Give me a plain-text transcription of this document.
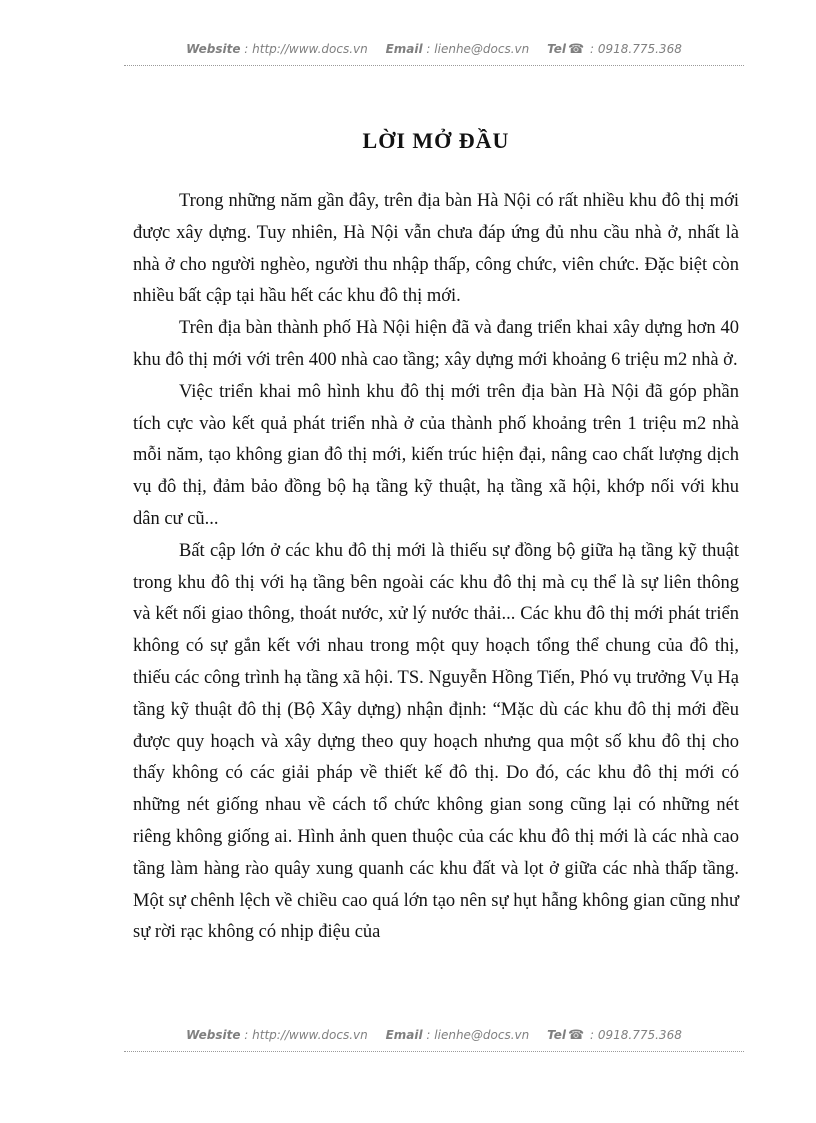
Website : http://www.docs.vn Email : lienhe@docs.vn Tel ☎ : 0918.775.368
LỜI MỞ ĐẦU

Trong những năm gần đây, trên địa bàn Hà Nội có rất nhiều khu đô thị mới được xây dựng. Tuy nhiên, Hà Nội vẫn chưa đáp ứng đủ nhu cầu nhà ở, nhất là nhà ở cho người nghèo, người thu nhập thấp, công chức, viên chức. Đặc biệt còn nhiều bất cập tại hầu hết các khu đô thị mới.

Trên địa bàn thành phố Hà Nội hiện đã và đang triển khai xây dựng hơn 40 khu đô thị mới với trên 400 nhà cao tầng; xây dựng mới khoảng 6 triệu m2 nhà ở.

Việc triển khai mô hình khu đô thị mới trên địa bàn Hà Nội đã góp phần tích cực vào kết quả phát triển nhà ở của thành phố khoảng trên 1 triệu m2 nhà mỗi năm, tạo không gian đô thị mới, kiến trúc hiện đại, nâng cao chất lượng dịch vụ đô thị, đảm bảo đồng bộ hạ tầng kỹ thuật, hạ tầng xã hội, khớp nối với khu dân cư cũ...

Bất cập lớn ở các khu đô thị mới là thiếu sự đồng bộ giữa hạ tầng kỹ thuật trong khu đô thị với hạ tầng bên ngoài các khu đô thị mà cụ thể là sự liên thông và kết nối giao thông, thoát nước, xử lý nước thải... Các khu đô thị mới phát triển không có sự gắn kết với nhau trong một quy hoạch tổng thể chung của đô thị, thiếu các công trình hạ tầng xã hội. TS. Nguyễn Hồng Tiến, Phó vụ trưởng Vụ Hạ tầng kỹ thuật đô thị (Bộ Xây dựng) nhận định: “Mặc dù các khu đô thị mới đều được quy hoạch và xây dựng theo quy hoạch nhưng qua một số khu đô thị cho thấy không có các giải pháp về thiết kế đô thị. Do đó, các khu đô thị mới có những nét giống nhau về cách tổ chức không gian song cũng lại có những nét riêng không giống ai. Hình ảnh quen thuộc của các khu đô thị mới là các nhà cao tầng làm hàng rào quây xung quanh các khu đất và lọt ở giữa các nhà thấp tầng. Một sự chênh lệch về chiều cao quá lớn tạo nên sự hụt hẫng không gian cũng như sự rời rạc không có nhịp điệu của

Website : http://www.docs.vn Email : lienhe@docs.vn Tel ☎ : 0918.775.368
